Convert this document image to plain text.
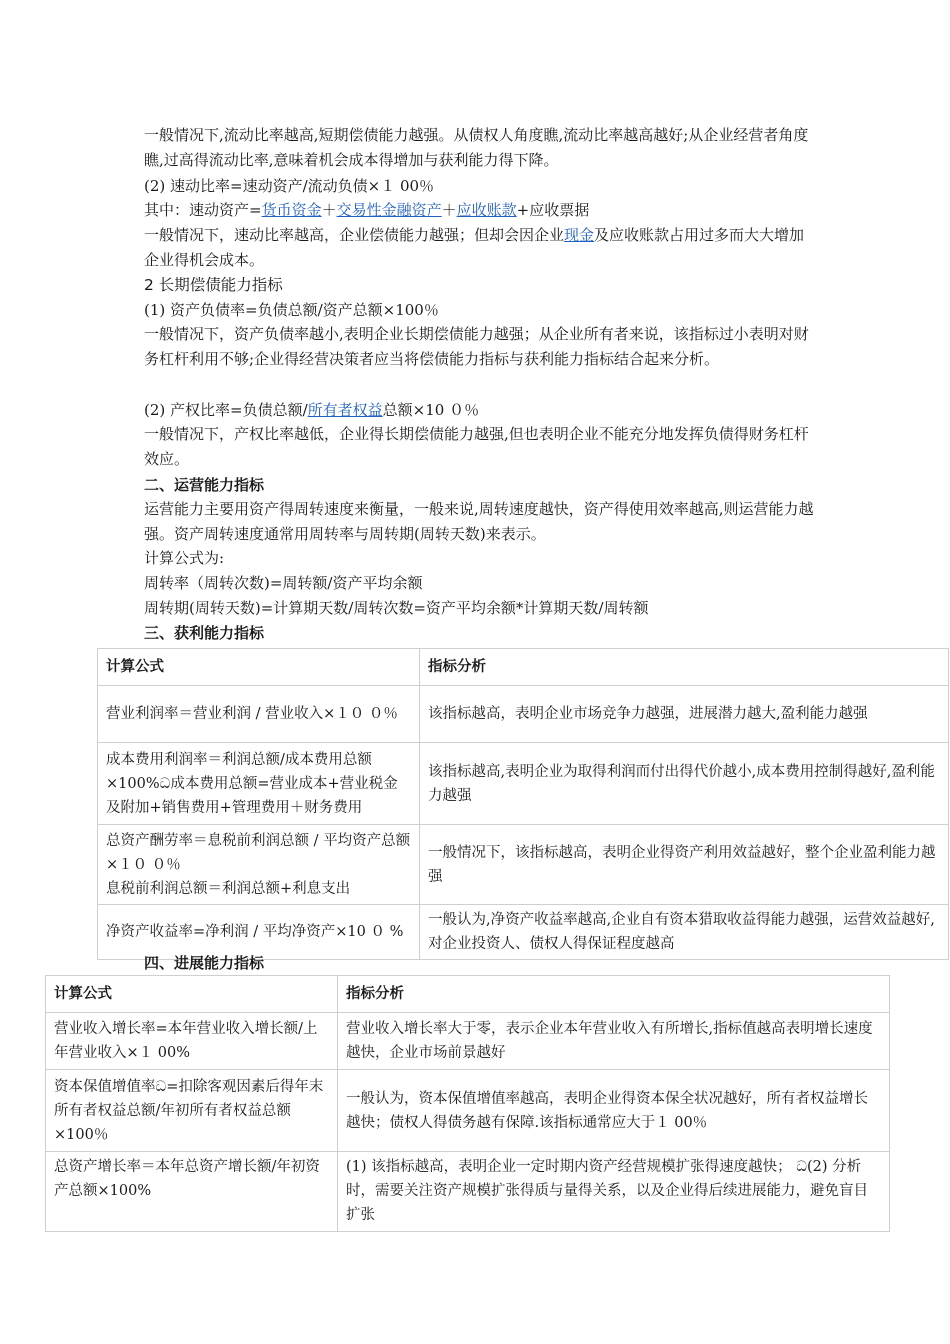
一般情况下,流动比率越高,短期偿债能力越强。从债权人角度瞧,流动比率越高越好;从企业经营者角度瞧,过高得流动比率,意味着机会成本得增加与获利能力得下降。
(2) 速动比率=速动资产/流动负债×１ 00％
其中：速动资产=货币资金＋交易性金融资产＋应收账款+应收票据
一般情况下，速动比率越高，企业偿债能力越强；但却会因企业现金及应收账款占用过多而大大增加企业得机会成本。
2 长期偿债能力指标
(1) 资产负债率=负债总额/资产总额×100％
一般情况下，资产负债率越小,表明企业长期偿债能力越强；从企业所有者来说，该指标过小表明对财务杠杆利用不够;企业得经营决策者应当将偿债能力指标与获利能力指标结合起来分析。
(2) 产权比率=负债总额/所有者权益总额×10 ０％
一般情况下，产权比率越低，企业得长期偿债能力越强,但也表明企业不能充分地发挥负债得财务杠杆效应。
二、运营能力指标
运营能力主要用资产得周转速度来衡量，一般来说,周转速度越快，资产得使用效率越高,则运营能力越强。资产周转速度通常用周转率与周转期(周转天数)来表示。
计算公式为:
周转率（周转次数)=周转额/资产平均余额
周转期(周转天数)=计算期天数/周转次数=资产平均余额*计算期天数/周转额
三、获利能力指标
计算公式	指标分析
营业利润率＝营业利润 / 营业收入×１０ ０％	该指标越高，表明企业市场竞争力越强，进展潜力越大,盈利能力越强
成本费用利润率＝利润总额/成本费用总额×100%ධ成本费用总额=营业成本+营业税金及附加+销售费用+管理费用＋财务费用	该指标越高,表明企业为取得利润而付出得代价越小,成本费用控制得越好,盈利能力越强
总资产酬劳率＝息税前利润总额 / 平均资产总额×１０ ０％
息税前利润总额＝利润总额+利息支出	一般情况下，该指标越高，表明企业得资产利用效益越好，整个企业盈利能力越强
净资产收益率=净利润 / 平均净资产×10 ０ %	一般认为,净资产收益率越高,企业自有资本猎取收益得能力越强，运营效益越好,对企业投资人、债权人得保证程度越高
四、进展能力指标
计算公式	指标分析
营业收入增长率=本年营业收入增长额/上年营业收入×１ 00%	营业收入增长率大于零，表示企业本年营业收入有所增长,指标值越高表明增长速度越快，企业市场前景越好
资本保值增值率ධ=扣除客观因素后得年末所有者权益总额/年初所有者权益总额×100％	一般认为，资本保值增值率越高，表明企业得资本保全状况越好，所有者权益增长越快；债权人得债务越有保障.该指标通常应大于１ 00％
总资产增长率＝本年总资产增长额/年初资产总额×100%	(1) 该指标越高，表明企业一定时期内资产经营规模扩张得速度越快； ධ(2) 分析时，需要关注资产规模扩张得质与量得关系，以及企业得后续进展能力，避免盲目扩张
